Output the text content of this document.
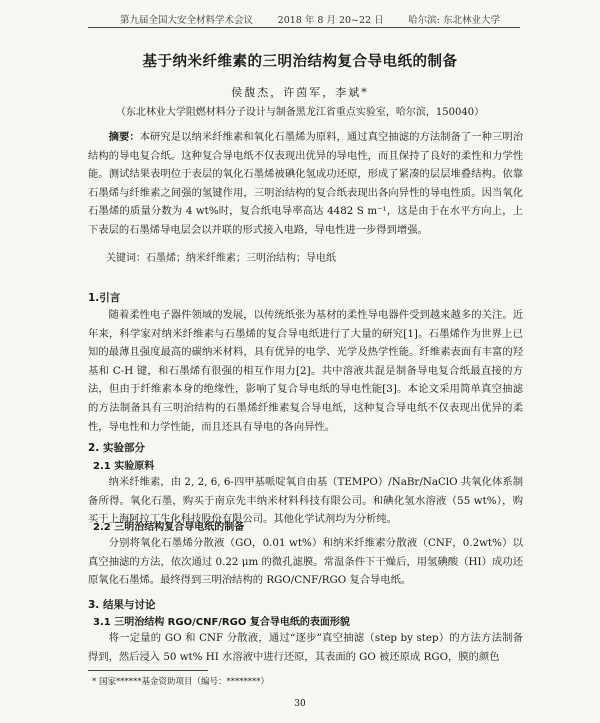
第九届全国大安全材料学术会议	2018 年 8 月 20~22 日	哈尔滨: 东北林业大学
基于纳米纤维素的三明治结构复合导电纸的制备
侯馥杰，许茵军，李斌*
（东北林业大学阻燃材料分子设计与制备黑龙江省重点实验室，哈尔滨，150040）
摘要：本研究是以纳米纤维素和氧化石墨烯为原料，通过真空抽滤的方法制备了一种三明治结构的导电复合纸。这种复合导电纸不仅表现出优异的导电性，而且保持了良好的柔性和力学性能。测试结果表明位于表层的氧化石墨烯被碘化氢成功还原，形成了紧凑的层层堆叠结构。依靠石墨烯与纤维素之间强的氢键作用，三明治结构的复合纸表现出各向异性的导电性质。因当氧化石墨烯的质量分数为 4 wt%时，复合纸电导率高达 4482 S m⁻¹，这是由于在水平方向上，上下表层的石墨烯导电层会以并联的形式接入电路，导电性进一步得到增强。
关键词：石墨烯；纳米纤维素；三明治结构；导电纸
1.引言
随着柔性电子器件领域的发展，以传统纸张为基材的柔性导电器件受到越来越多的关注。近年来，科学家对纳米纤维素与石墨烯的复合导电纸进行了大量的研究[1]。石墨烯作为世界上已知的最薄且强度最高的碳纳米材料，具有优异的电学、光学及热学性能。纤维素表面有丰富的羟基和 C-H 键，和石墨烯有很强的相互作用力[2]。共中溶液共混是制备导电复合纸最直接的方法，但由于纤维素本身的绝缘性，影响了复合导电纸的导电性能[3]。本论文采用简单真空抽滤的方法制备具有三明治结构的石墨烯纤维素复合导电纸，这种复合导电纸不仅表现出优异的柔性，导电性和力学性能，而且还具有导电的各向异性。
2. 实验部分
2.1 实验原料
纳米纤维素，由 2, 2, 6, 6-四甲基哌啶氧自由基（TEMPO）/NaBr/NaClO 共氧化体系制备所得。氧化石墨，购买于南京先丰纳米材料科技有限公司。和碘化氢水溶液（55 wt%），购买于上海阿拉丁生化科技股份有限公司。其他化学试剂均为分析纯。
2.2 三明治结构复合导电纸的制备
分别将氧化石墨烯分散液（GO，0.01 wt%）和纳米纤维素分散液（CNF，0.2wt%）以真空抽滤的方法，依次通过 0.22 μm 的微孔滤膜。常温条件下干燥后，用氢碘酸（HI）成功还原氧化石墨烯。最终得到三明治结构的 RGO/CNF/RGO 复合导电纸。
3. 结果与讨论
3.1 三明治结构 RGO/CNF/RGO 复合导电纸的表面形貌
将一定量的 GO 和 CNF 分散液，通过“逐步”真空抽滤（step by step）的方法方法制备得到，然后浸入 50 wt% HI 水溶液中进行还原，其表面的 GO 被还原成 RGO，膜的颜色
* 国家******基金资助项目（编号：********）
30
